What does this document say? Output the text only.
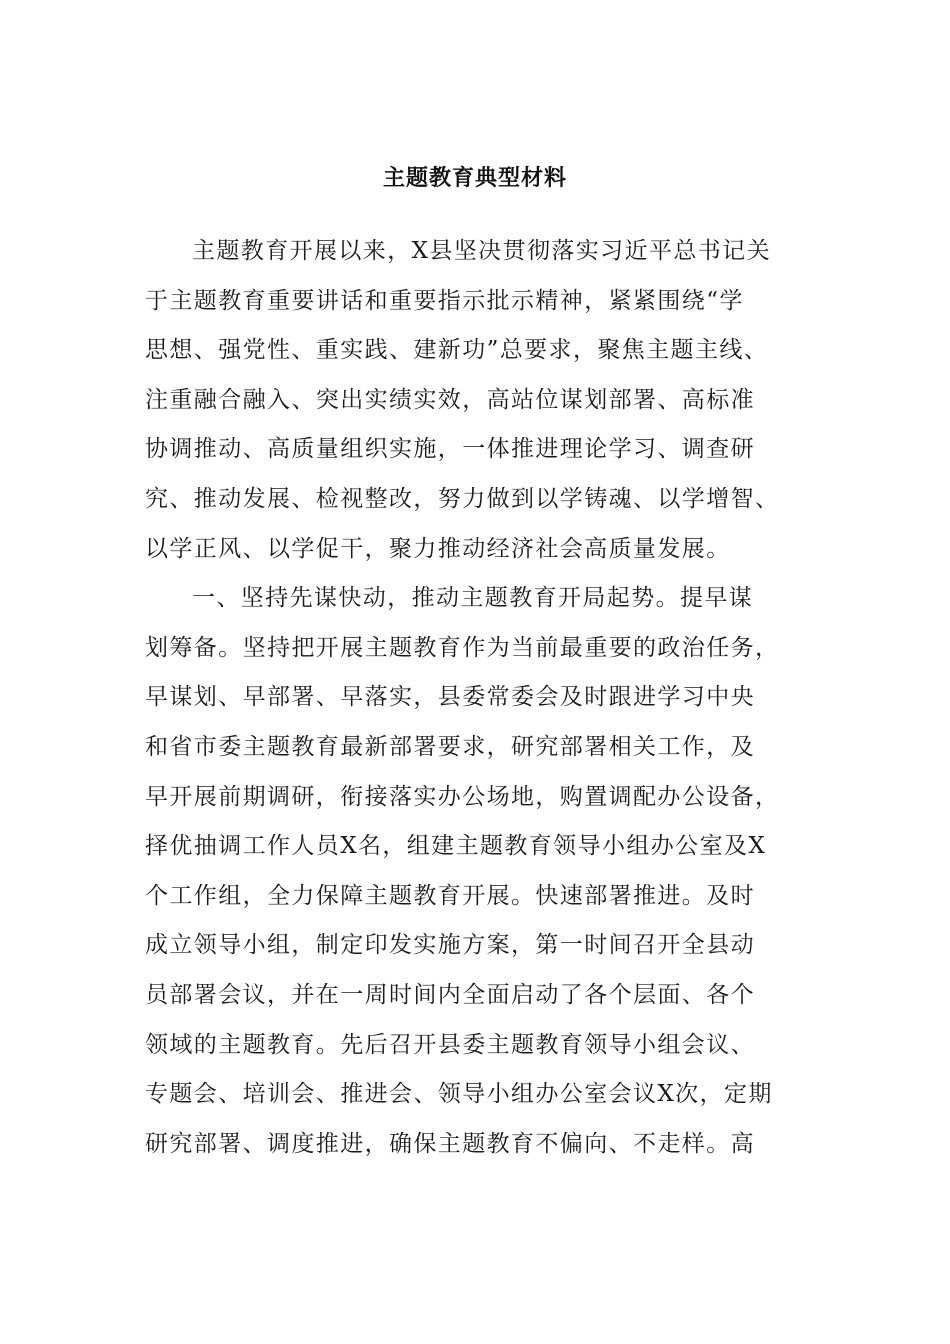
主题教育典型材料
主题教育开展以来，X县坚决贯彻落实习近平总书记关
于主题教育重要讲话和重要指示批示精神，紧紧围绕“学
思想、强党性、重实践、建新功”总要求，聚焦主题主线、
注重融合融入、突出实绩实效，高站位谋划部署、高标准
协调推动、高质量组织实施，一体推进理论学习、调查研
究、推动发展、检视整改，努力做到以学铸魂、以学增智、
以学正风、以学促干，聚力推动经济社会高质量发展。
一、坚持先谋快动，推动主题教育开局起势。提早谋
划筹备。坚持把开展主题教育作为当前最重要的政治任务，
早谋划、早部署、早落实，县委常委会及时跟进学习中央
和省市委主题教育最新部署要求，研究部署相关工作，及
早开展前期调研，衔接落实办公场地，购置调配办公设备，
择优抽调工作人员X名，组建主题教育领导小组办公室及X
个工作组，全力保障主题教育开展。快速部署推进。及时
成立领导小组，制定印发实施方案，第一时间召开全县动
员部署会议，并在一周时间内全面启动了各个层面、各个
领域的主题教育。先后召开县委主题教育领导小组会议、
专题会、培训会、推进会、领导小组办公室会议X次，定期
研究部署、调度推进，确保主题教育不偏向、不走样。高
